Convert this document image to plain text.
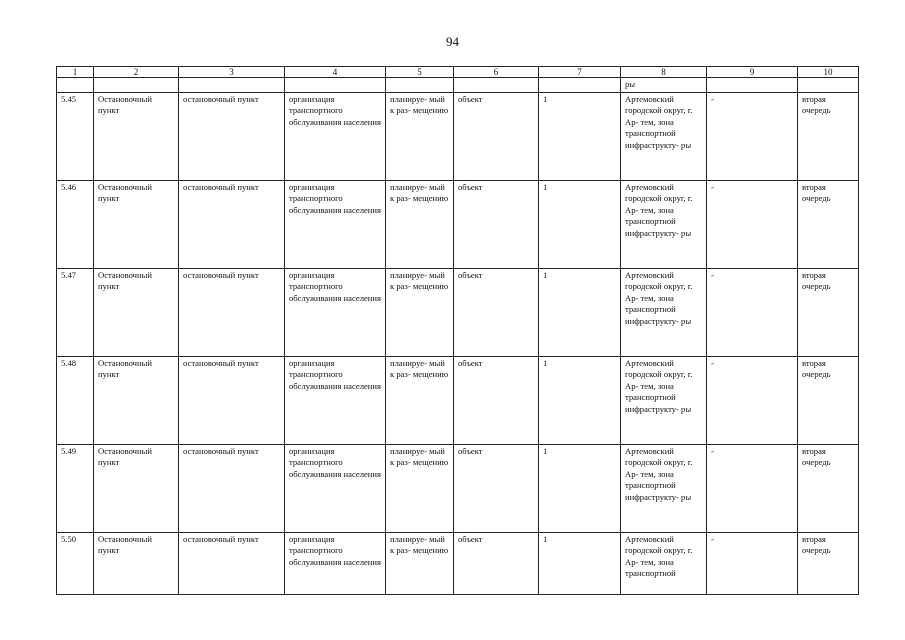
94
1	2	3	4	5	6	7	8	9	10
							ры		
5.45	Остановочный пункт	остановочный пункт	организация транспортного обслуживания населения	планируе- мый к раз- мещению	объект	1	Артемовский городской округ, г. Ар- тем, зона транспортной инфраструкту- ры	-	вторая очередь
5.46	Остановочный пункт	остановочный пункт	организация транспортного обслуживания населения	планируе- мый к раз- мещению	объект	1	Артемовский городской округ, г. Ар- тем, зона транспортной инфраструкту- ры	-	вторая очередь
5.47	Остановочный пункт	остановочный пункт	организация транспортного обслуживания населения	планируе- мый к раз- мещению	объект	1	Артемовский городской округ, г. Ар- тем, зона транспортной инфраструкту- ры	-	вторая очередь
5.48	Остановочный пункт	остановочный пункт	организация транспортного обслуживания населения	планируе- мый к раз- мещению	объект	1	Артемовский городской округ, г. Ар- тем, зона транспортной инфраструкту- ры	-	вторая очередь
5.49	Остановочный пункт	остановочный пункт	организация транспортного обслуживания населения	планируе- мый к раз- мещению	объект	1	Артемовский городской округ, г. Ар- тем, зона транспортной инфраструкту- ры	-	вторая очередь
5.50	Остановочный пункт	остановочный пункт	организация транспортного обслуживания населения	планируе- мый к раз- мещению	объект	1	Артемовский городской округ, г. Ар- тем, зона транспортной	-	вторая очередь
